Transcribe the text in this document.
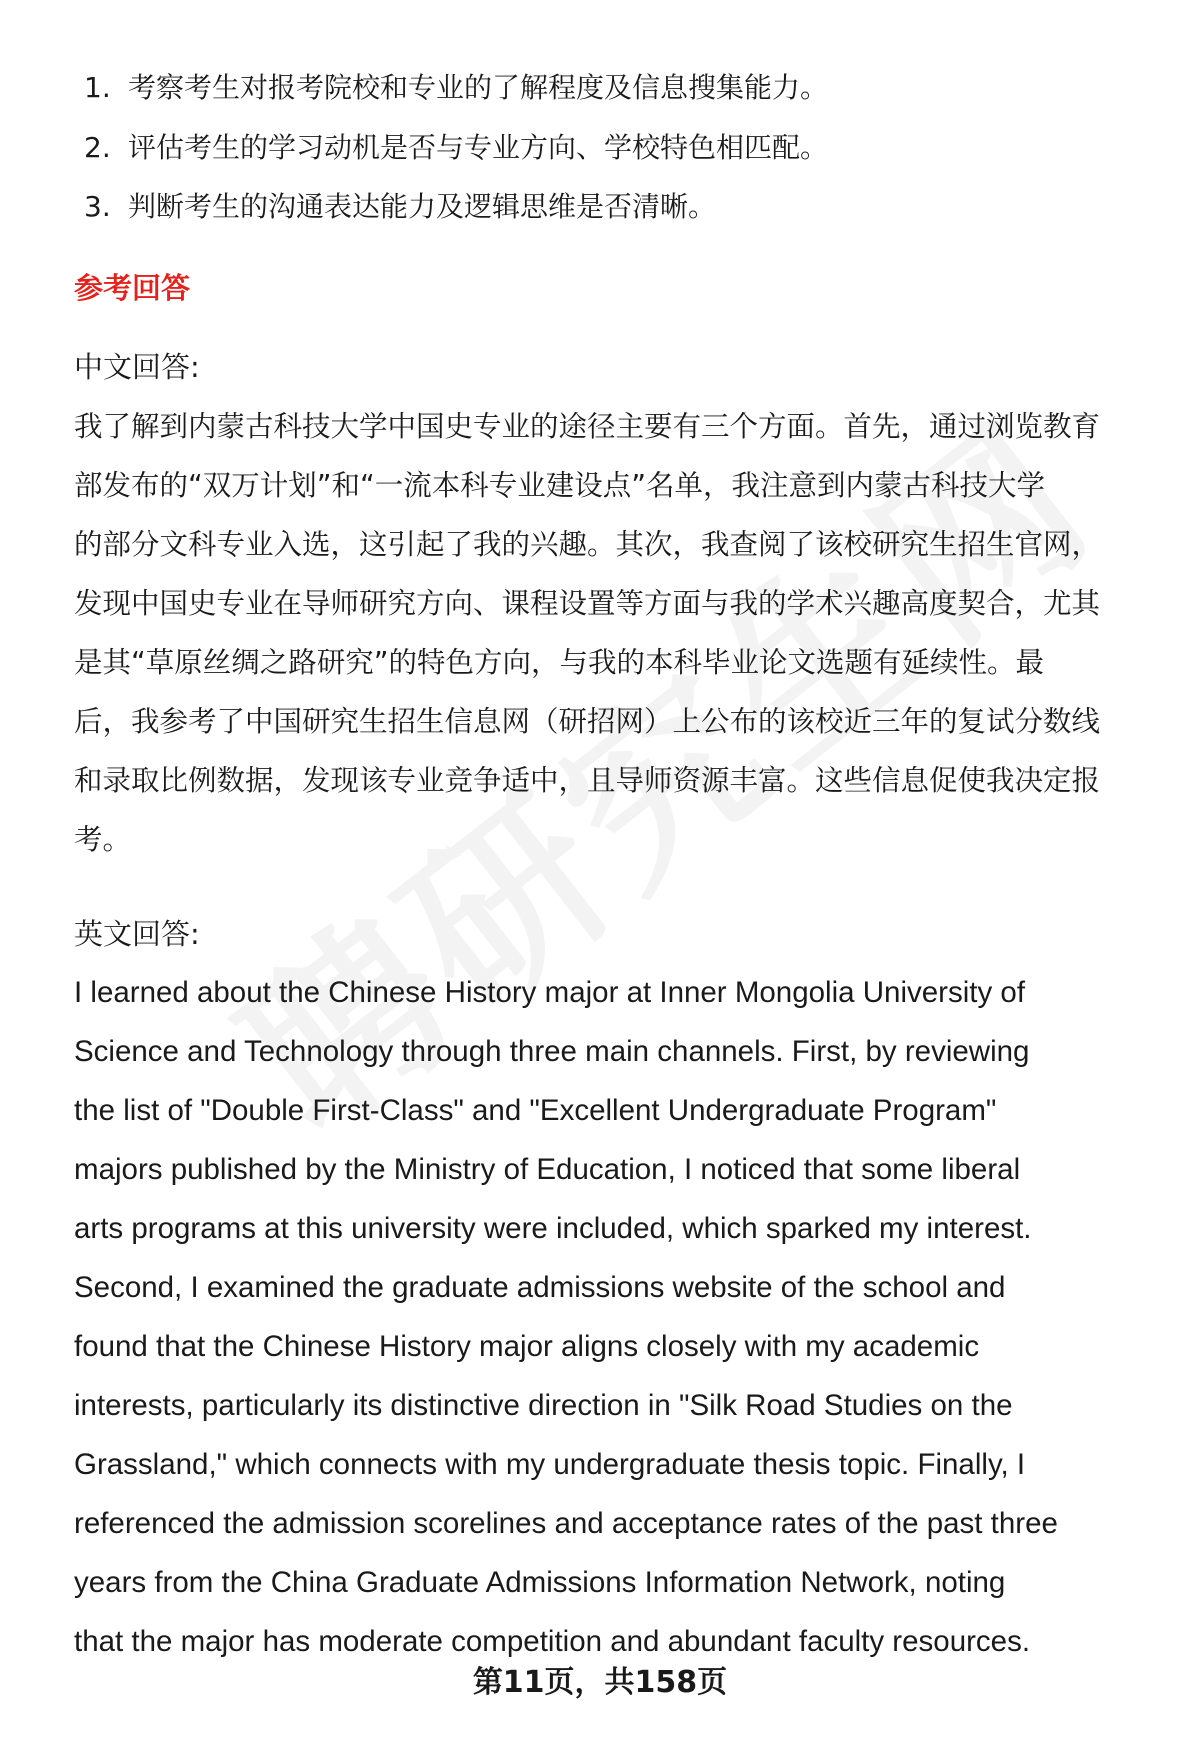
1. 考察考生对报考院校和专业的了解程度及信息搜集能力。
2. 评估考生的学习动机是否与专业方向、学校特色相匹配。
3. 判断考生的沟通表达能力及逻辑思维是否清晰。
参考回答
中文回答:
我了解到内蒙古科技大学中国史专业的途径主要有三个方面。首先，通过浏览教育
部发布的“双万计划”和“一流本科专业建设点”名单，我注意到内蒙古科技大学
的部分文科专业入选，这引起了我的兴趣。其次，我查阅了该校研究生招生官网，
发现中国史专业在导师研究方向、课程设置等方面与我的学术兴趣高度契合，尤其
是其“草原丝绸之路研究”的特色方向，与我的本科毕业论文选题有延续性。最
后，我参考了中国研究生招生信息网（研招网）上公布的该校近三年的复试分数线
和录取比例数据，发现该专业竞争适中，且导师资源丰富。这些信息促使我决定报
考。
英文回答:
I learned about the Chinese History major at Inner Mongolia University of
Science and Technology through three main channels. First, by reviewing
the list of "Double First-Class" and "Excellent Undergraduate Program"
majors published by the Ministry of Education, I noticed that some liberal
arts programs at this university were included, which sparked my interest.
Second, I examined the graduate admissions website of the school and
found that the Chinese History major aligns closely with my academic
interests, particularly its distinctive direction in "Silk Road Studies on the
Grassland," which connects with my undergraduate thesis topic. Finally, I
referenced the admission scorelines and acceptance rates of the past three
years from the China Graduate Admissions Information Network, noting
that the major has moderate competition and abundant faculty resources.
第11页，共158页
